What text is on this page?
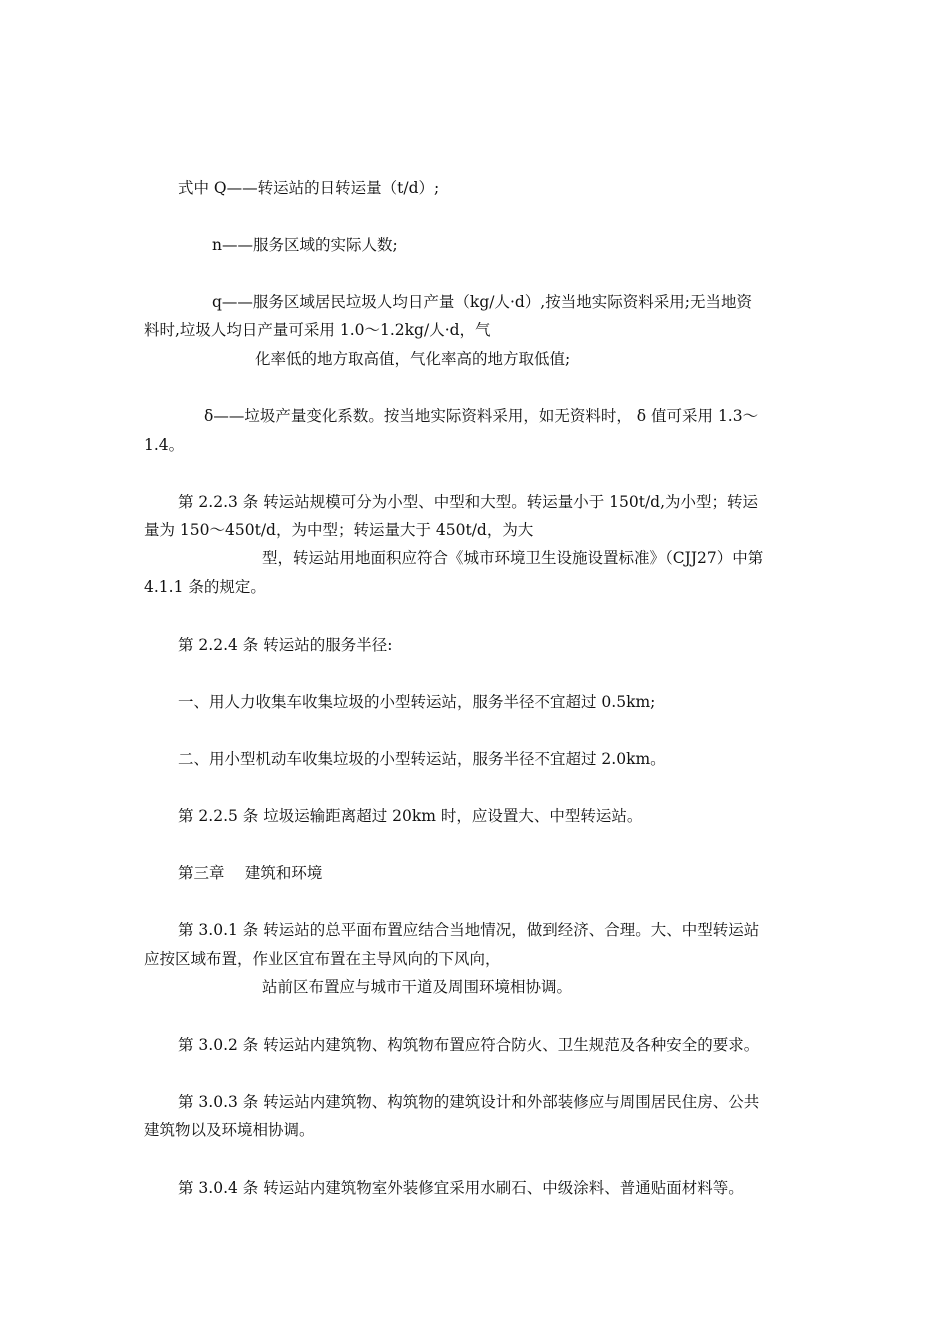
式中 Q——转运站的日转运量（t/d）;
n——服务区域的实际人数;
q——服务区域居民垃圾人均日产量（kg/人·d）,按当地实际资料采用;无当地资
料时,垃圾人均日产量可采用 1.0～1.2kg/人·d，气
化率低的地方取高值，气化率高的地方取低值;
δ——垃圾产量变化系数。按当地实际资料采用，如无资料时， δ 值可采用 1.3～
1.4。
第 2.2.3 条 转运站规模可分为小型、中型和大型。转运量小于 150t/d,为小型；转运
量为 150～450t/d，为中型；转运量大于 450t/d，为大
型，转运站用地面积应符合《城市环境卫生设施设置标准》（CJJ27）中第
4.1.1 条的规定。
第 2.2.4 条 转运站的服务半径:
一、用人力收集车收集垃圾的小型转运站，服务半径不宜超过 0.5km;
二、用小型机动车收集垃圾的小型转运站，服务半径不宜超过 2.0km。
第 2.2.5 条 垃圾运输距离超过 20km 时，应设置大、中型转运站。
第三章　 建筑和环境
第 3.0.1 条 转运站的总平面布置应结合当地情况，做到经济、合理。大、中型转运站
应按区域布置，作业区宜布置在主导风向的下风向，
站前区布置应与城市干道及周围环境相协调。
第 3.0.2 条 转运站内建筑物、构筑物布置应符合防火、卫生规范及各种安全的要求。
第 3.0.3 条 转运站内建筑物、构筑物的建筑设计和外部装修应与周围居民住房、公共
建筑物以及环境相协调。
第 3.0.4 条 转运站内建筑物室外装修宜采用水刷石、中级涂料、普通贴面材料等。
